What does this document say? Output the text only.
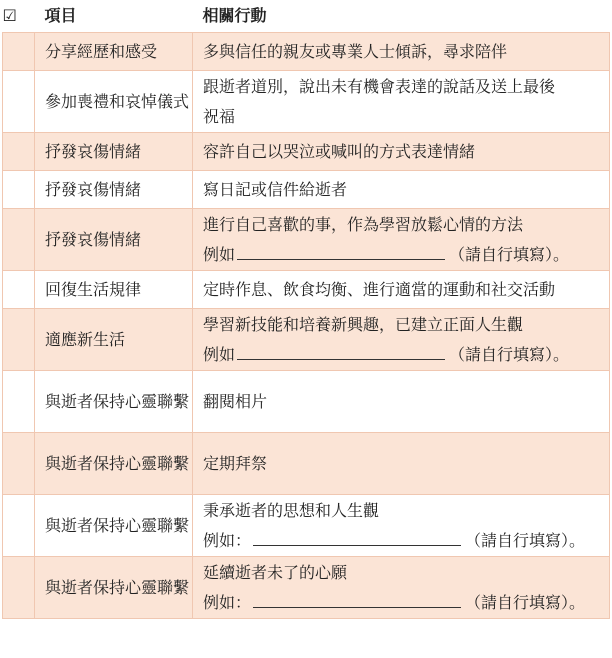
☑	項目	相關行動
	分享經歷和感受	多與信任的親友或專業人士傾訴，尋求陪伴

	參加喪禮和哀悼儀式	跟逝者道別，說出未有機會表達的說話及送上最後
祝福

	抒發哀傷情緒	容許自己以哭泣或喊叫的方式表達情緒

	抒發哀傷情緒	寫日記或信件給逝者

	抒發哀傷情緒	進行自己喜歡的事，作為學習放鬆心情的方法
例如 （請自行填寫）。

	回復生活規律	定時作息、飲食均衡、進行適當的運動和社交活動

	適應新生活	學習新技能和培養新興趣，已建立正面人生觀
例如 （請自行填寫）。

	與逝者保持心靈聯繫	翻閱相片

	與逝者保持心靈聯繫	定期拜祭

	與逝者保持心靈聯繫	秉承逝者的思想和人生觀
例如： （請自行填寫）。

	與逝者保持心靈聯繫	延續逝者未了的心願
例如： （請自行填寫）。
